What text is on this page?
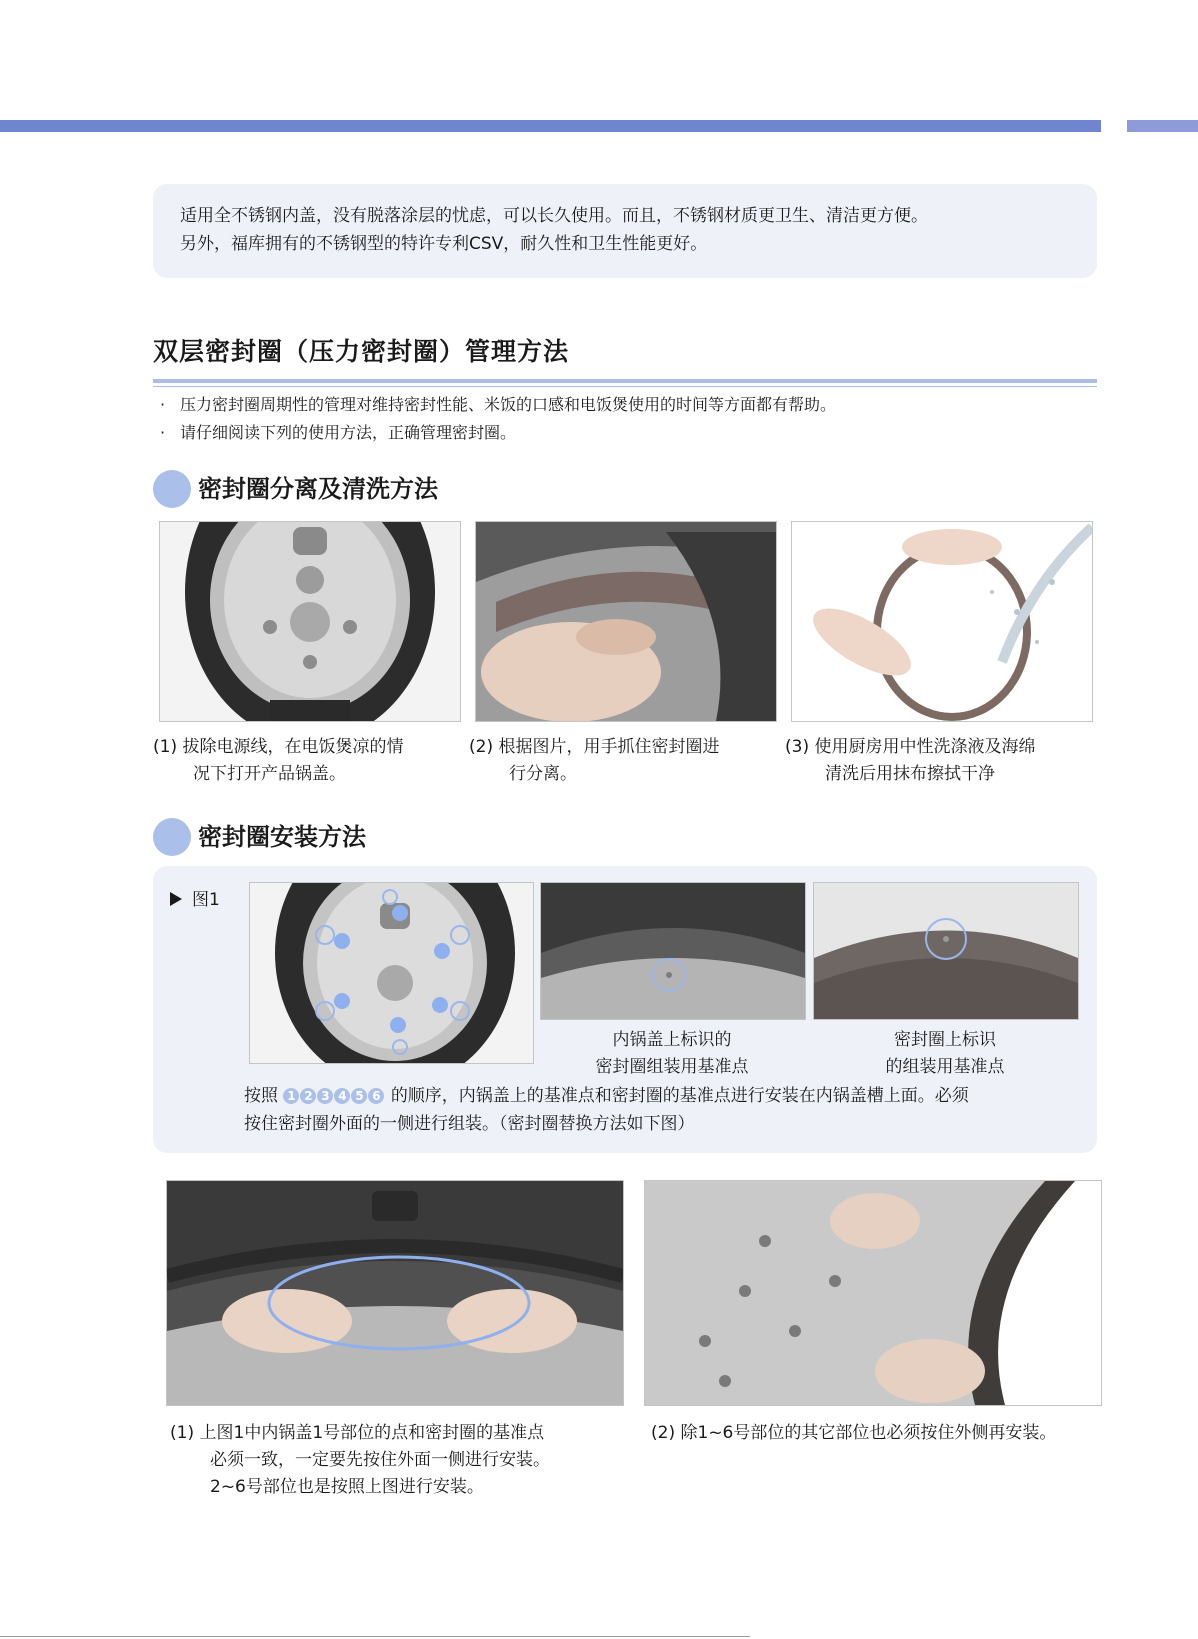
适用全不锈钢内盖，没有脱落涂层的忧虑，可以长久使用。而且，不锈钢材质更卫生、清洁更方便。
另外，福库拥有的不锈钢型的特许专利CSV，耐久性和卫生性能更好。
双层密封圈（压力密封圈）管理方法
· 压力密封圈周期性的管理对维持密封性能、米饭的口感和电饭煲使用的时间等方面都有帮助。
· 请仔细阅读下列的使用方法，正确管理密封圈。
密封圈分离及清洗方法
(1) 拔除电源线，在电饭煲凉的情
况下打开产品锅盖。
(2) 根据图片，用手抓住密封圈进
行分离。
(3) 使用厨房用中性洗涤液及海绵
清洗后用抹布擦拭干净
密封圈安装方法
图1
内锅盖上标识的
密封圈组装用基准点
密封圈上标识
的组装用基准点
按照 1 2 3 4 5 6 的顺序，内锅盖上的基准点和密封圈的基准点进行安装在内锅盖槽上面。必须
按住密封圈外面的一侧进行组装。（密封圈替换方法如下图）
(1) 上图1中内锅盖1号部位的点和密封圈的基准点
必须一致，一定要先按住外面一侧进行安装。
2~6号部位也是按照上图进行安装。
(2) 除1~6号部位的其它部位也必须按住外侧再安装。
